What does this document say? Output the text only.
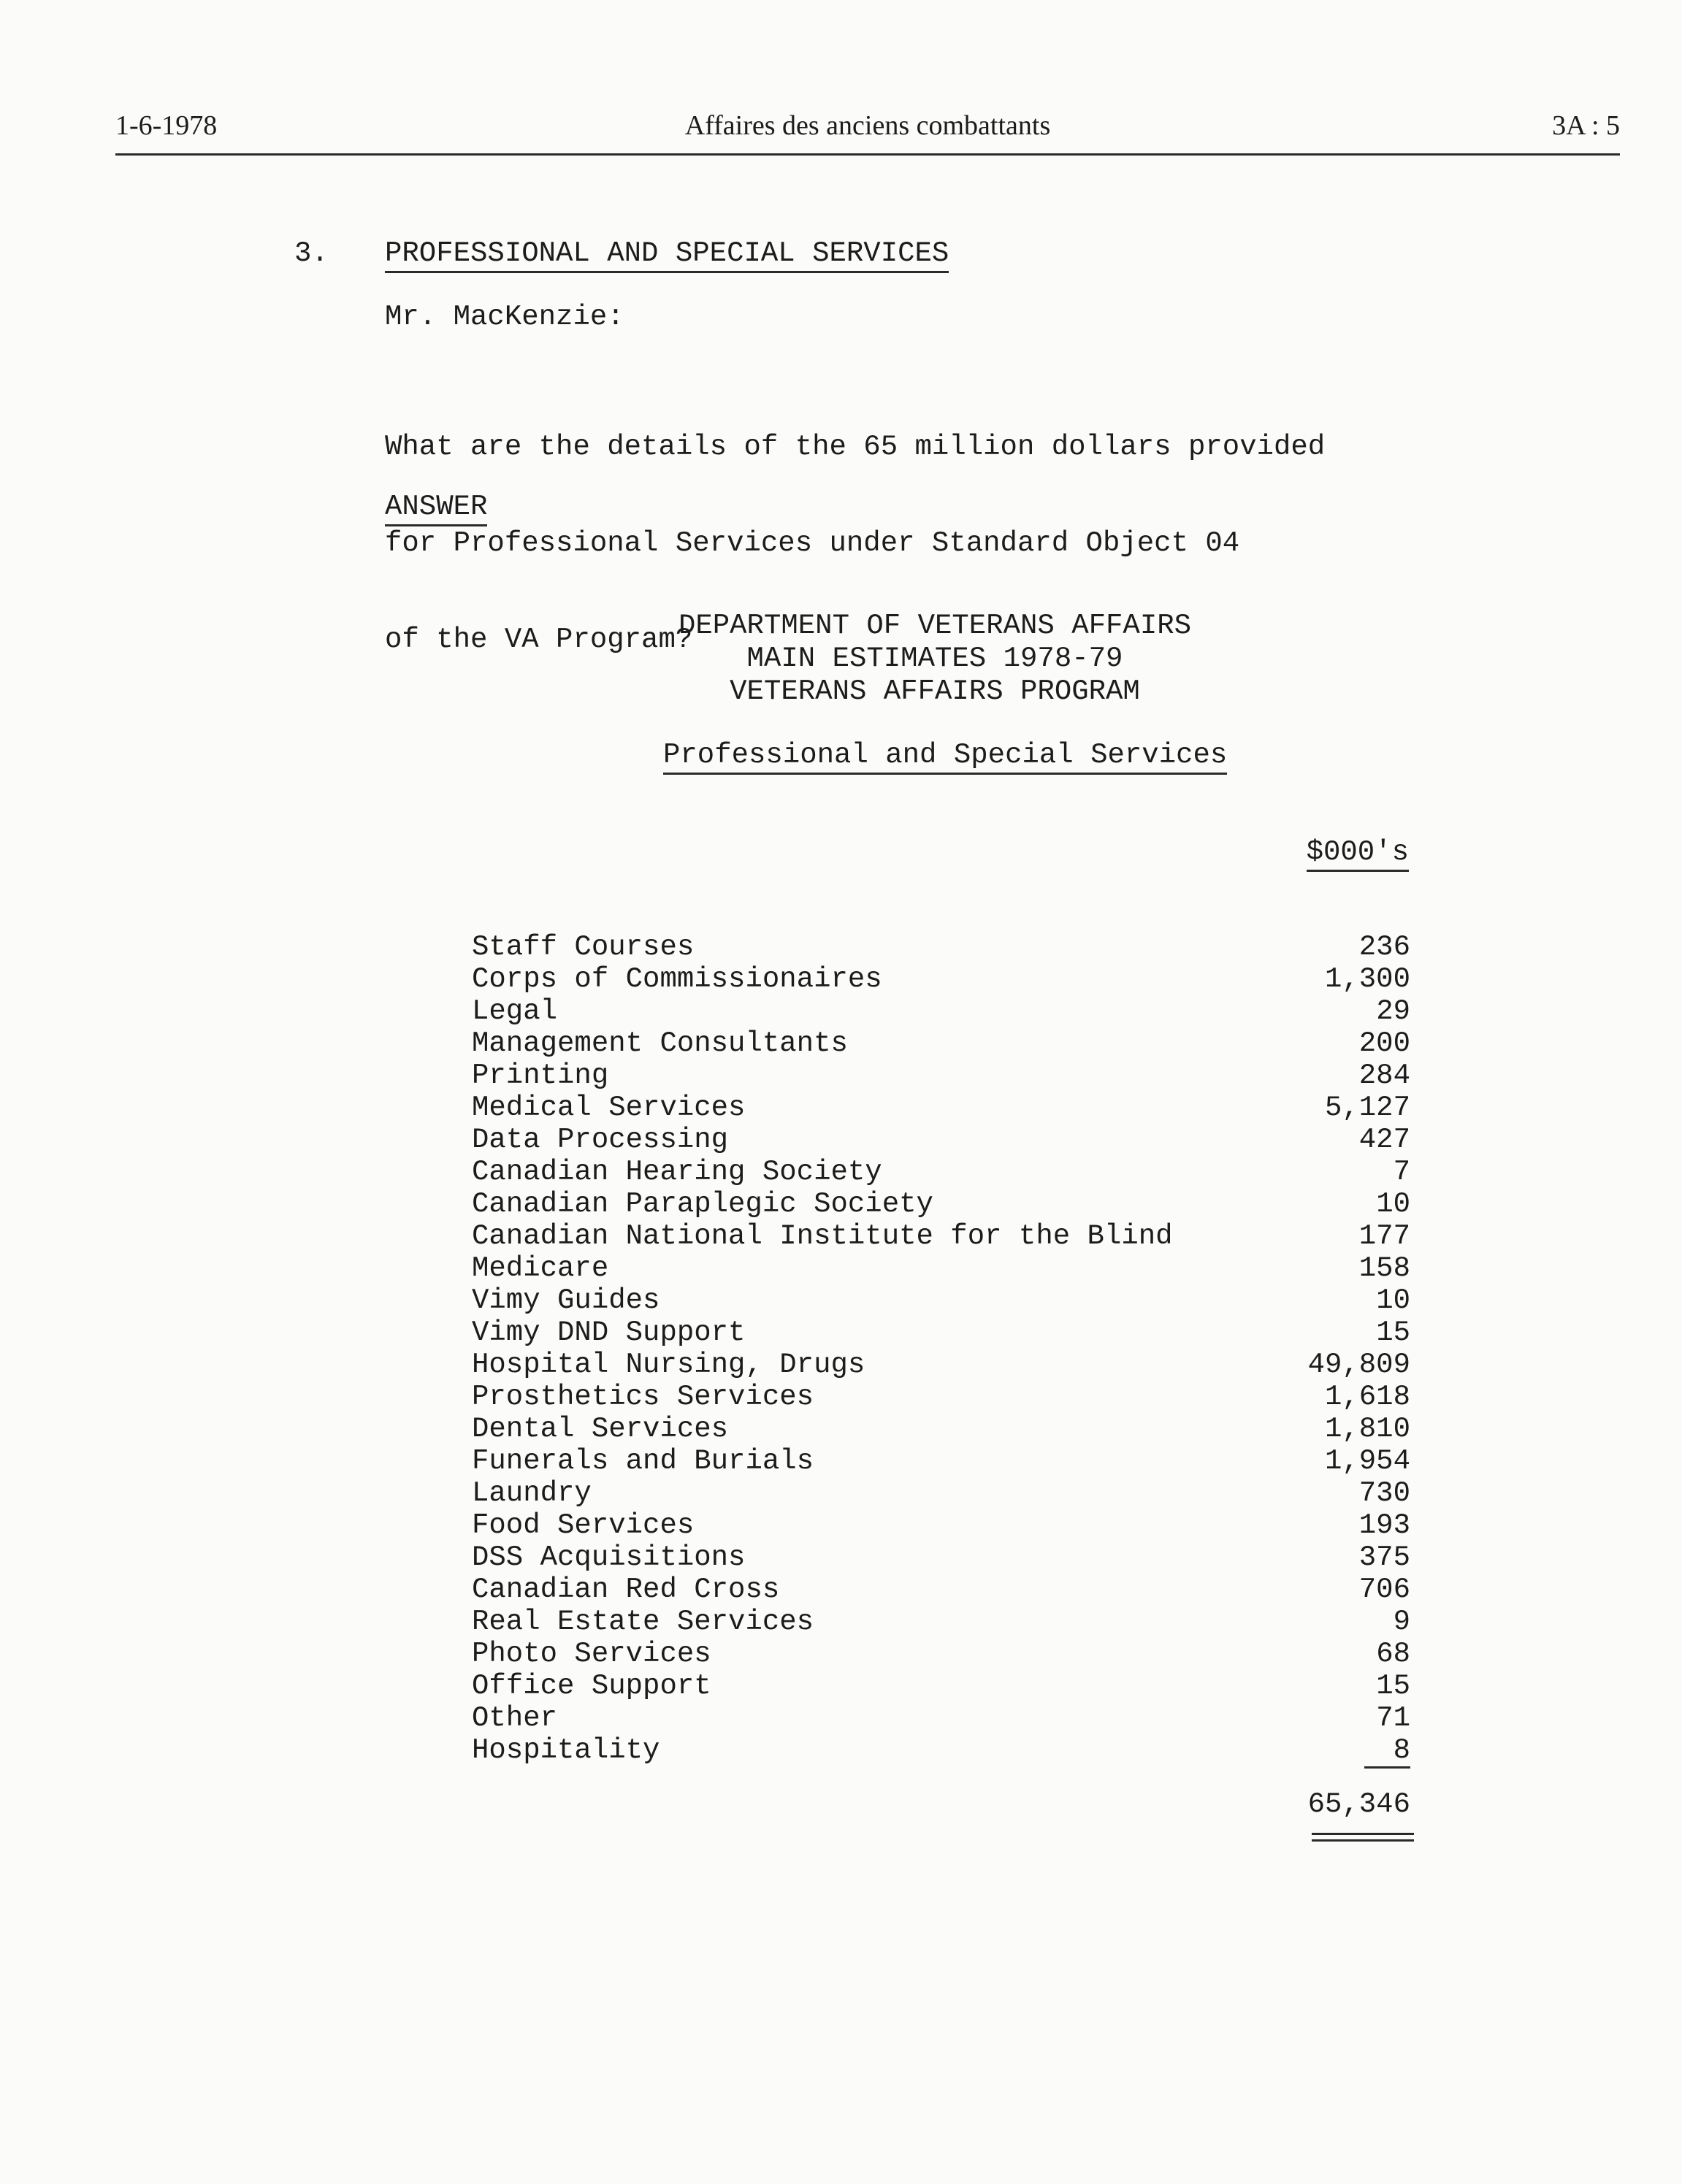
1-6-1978	Affaires des anciens combattants	3A : 5
3. PROFESSIONAL AND SPECIAL SERVICES
Mr. MacKenzie:

What are the details of the 65 million dollars provided

for Professional Services under Standard Object 04

of the VA Program?

ANSWER
DEPARTMENT OF VETERANS AFFAIRS
MAIN ESTIMATES 1978-79
VETERANS AFFAIRS PROGRAM
Professional and Special Services
$000's
Staff Courses	236
Corps of Commissionaires	1,300
Legal	29
Management Consultants	200
Printing	284
Medical Services	5,127
Data Processing	427
Canadian Hearing Society	7
Canadian Paraplegic Society	10
Canadian National Institute for the Blind	177
Medicare	158
Vimy Guides	10
Vimy DND Support	15
Hospital Nursing, Drugs	49,809
Prosthetics Services	1,618
Dental Services	1,810
Funerals and Burials	1,954
Laundry	730
Food Services	193
DSS Acquisitions	375
Canadian Red Cross	706
Real Estate Services	9
Photo Services	68
Office Support	15
Other	71
Hospitality	8
65,346
